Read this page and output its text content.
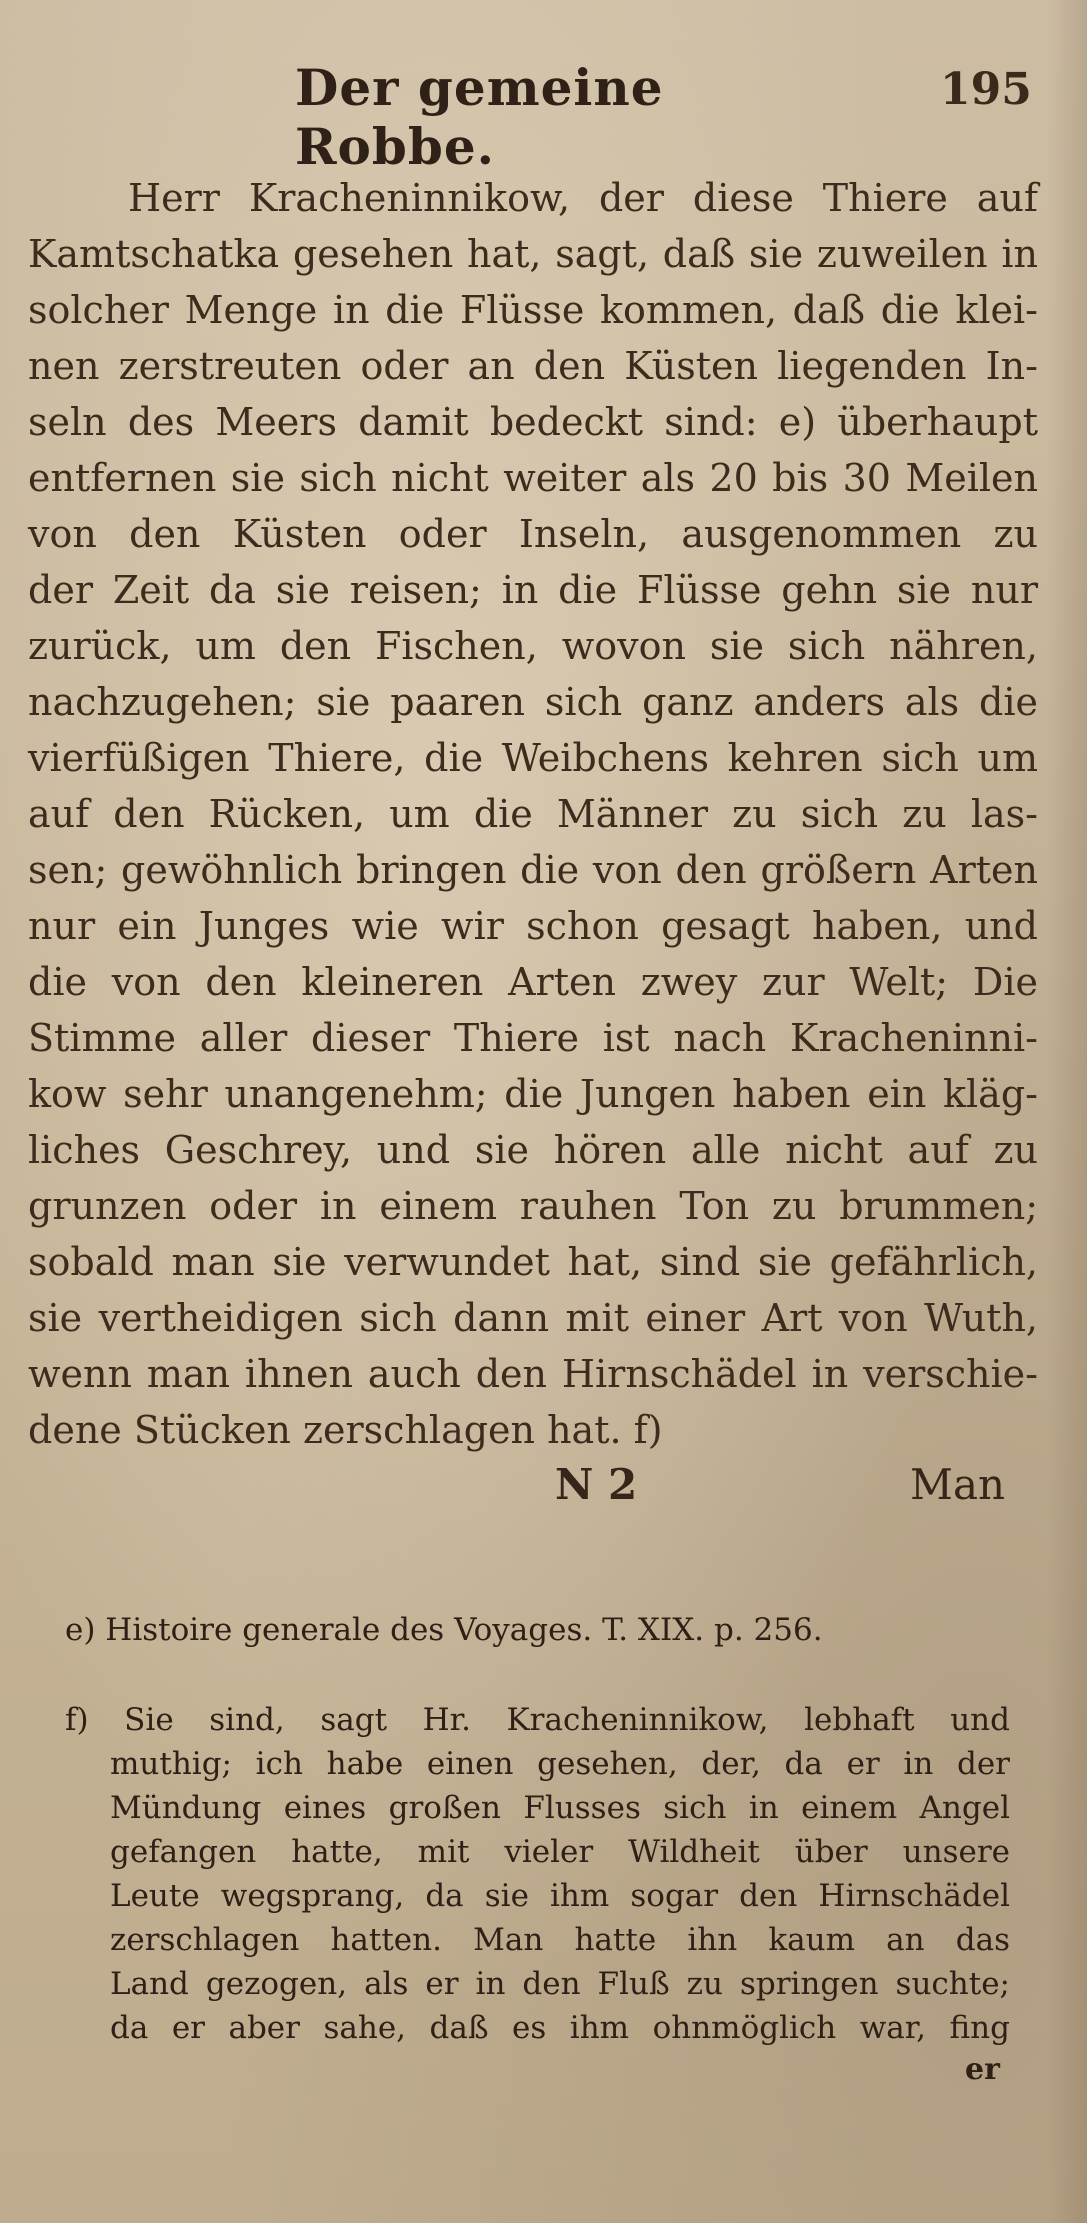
Der gemeine Robbe.
195
Herr Kracheninnikow, der diese Thiere auf
Kamtschatka gesehen hat, sagt, daß sie zuweilen in
solcher Menge in die Flüsse kommen, daß die klei-
nen zerstreuten oder an den Küsten liegenden In-
seln des Meers damit bedeckt sind: e) überhaupt
entfernen sie sich nicht weiter als 20 bis 30 Meilen
von den Küsten oder Inseln, ausgenommen zu
der Zeit da sie reisen; in die Flüsse gehn sie nur
zurück, um den Fischen, wovon sie sich nähren,
nachzugehen; sie paaren sich ganz anders als die
vierfüßigen Thiere, die Weibchens kehren sich um
auf den Rücken, um die Männer zu sich zu las-
sen; gewöhnlich bringen die von den größern Arten
nur ein Junges wie wir schon gesagt haben, und
die von den kleineren Arten zwey zur Welt; Die
Stimme aller dieser Thiere ist nach Kracheninni-
kow sehr unangenehm; die Jungen haben ein kläg-
liches Geschrey, und sie hören alle nicht auf zu
grunzen oder in einem rauhen Ton zu brummen;
sobald man sie verwundet hat, sind sie gefährlich,
sie vertheidigen sich dann mit einer Art von Wuth,
wenn man ihnen auch den Hirnschädel in verschie-
dene Stücken zerschlagen hat. f)
N 2	Man
e) Histoire generale des Voyages. T. XIX. p. 256.
f) Sie sind, sagt Hr. Kracheninnikow, lebhaft und
muthig; ich habe einen gesehen, der, da er in der
Mündung eines großen Flusses sich in einem Angel
gefangen hatte, mit vieler Wildheit über unsere
Leute wegsprang, da sie ihm sogar den Hirnschädel
zerschlagen hatten. Man hatte ihn kaum an das
Land gezogen, als er in den Fluß zu springen suchte;
da er aber sahe, daß es ihm ohnmöglich war, fing
er
